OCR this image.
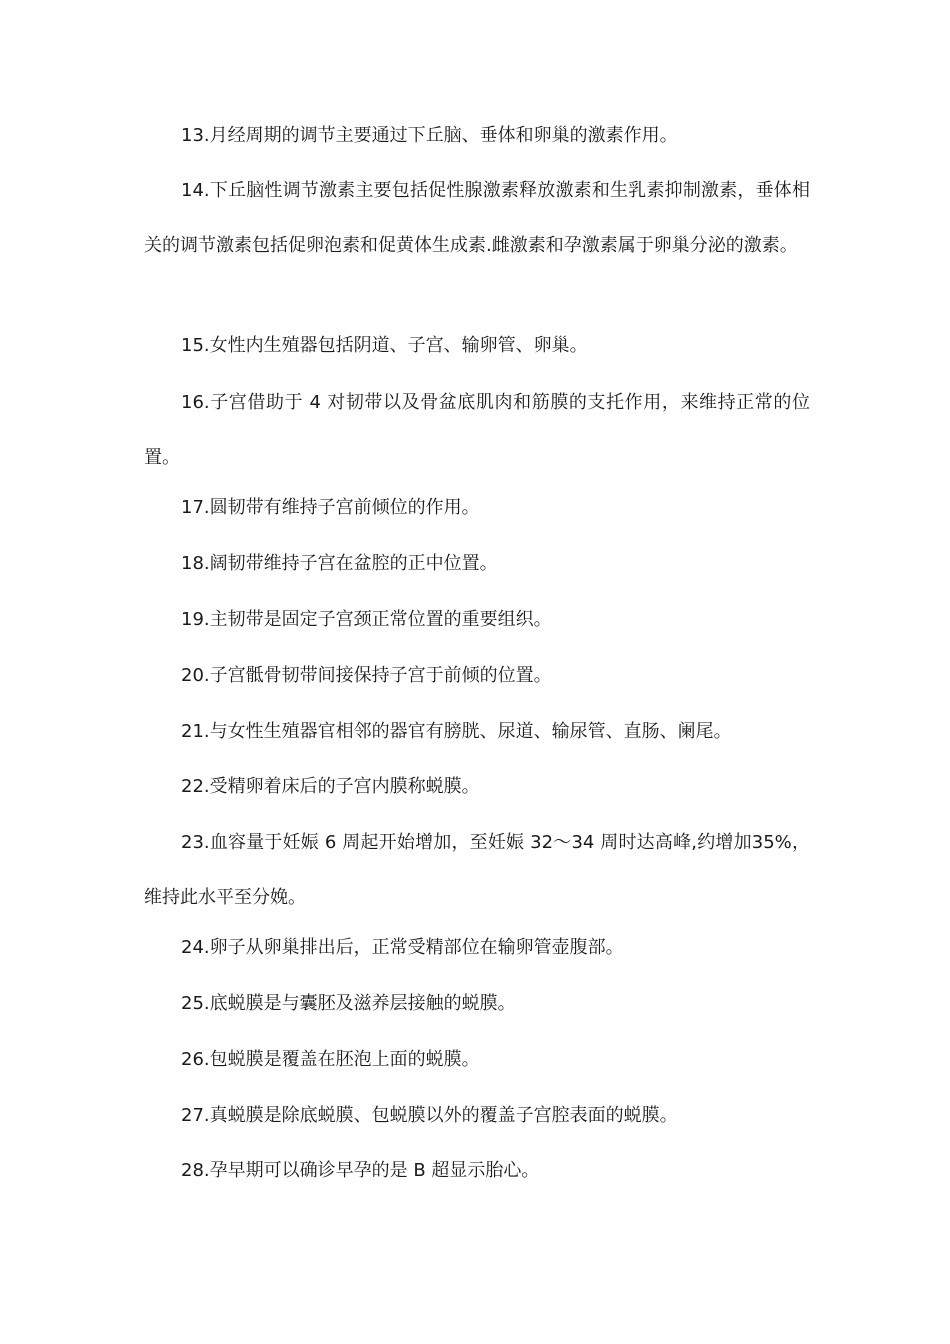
13.月经周期的调节主要通过下丘脑、垂体和卵巢的激素作用。

14.下丘脑性调节激素主要包括促性腺激素释放激素和生乳素抑制激素，垂体相关的调节激素包括促卵泡素和促黄体生成素.雌激素和孕激素属于卵巢分泌的激素。

15.女性内生殖器包括阴道、子宫、输卵管、卵巢。

16.子宫借助于 4 对韧带以及骨盆底肌肉和筋膜的支托作用，来维持正常的位置。

17.圆韧带有维持子宫前倾位的作用。

18.阔韧带维持子宫在盆腔的正中位置。

19.主韧带是固定子宫颈正常位置的重要组织。

20.子宫骶骨韧带间接保持子宫于前倾的位置。

21.与女性生殖器官相邻的器官有膀胱、尿道、输尿管、直肠、阑尾。

22.受精卵着床后的子宫内膜称蜕膜。

23.血容量于妊娠 6 周起开始增加，至妊娠 32～34 周时达高峰,约增加35%，维持此水平至分娩。

24.卵子从卵巢排出后，正常受精部位在输卵管壶腹部。

25.底蜕膜是与囊胚及滋养层接触的蜕膜。

26.包蜕膜是覆盖在胚泡上面的蜕膜。

27.真蜕膜是除底蜕膜、包蜕膜以外的覆盖子宫腔表面的蜕膜。

28.孕早期可以确诊早孕的是 B 超显示胎心。
